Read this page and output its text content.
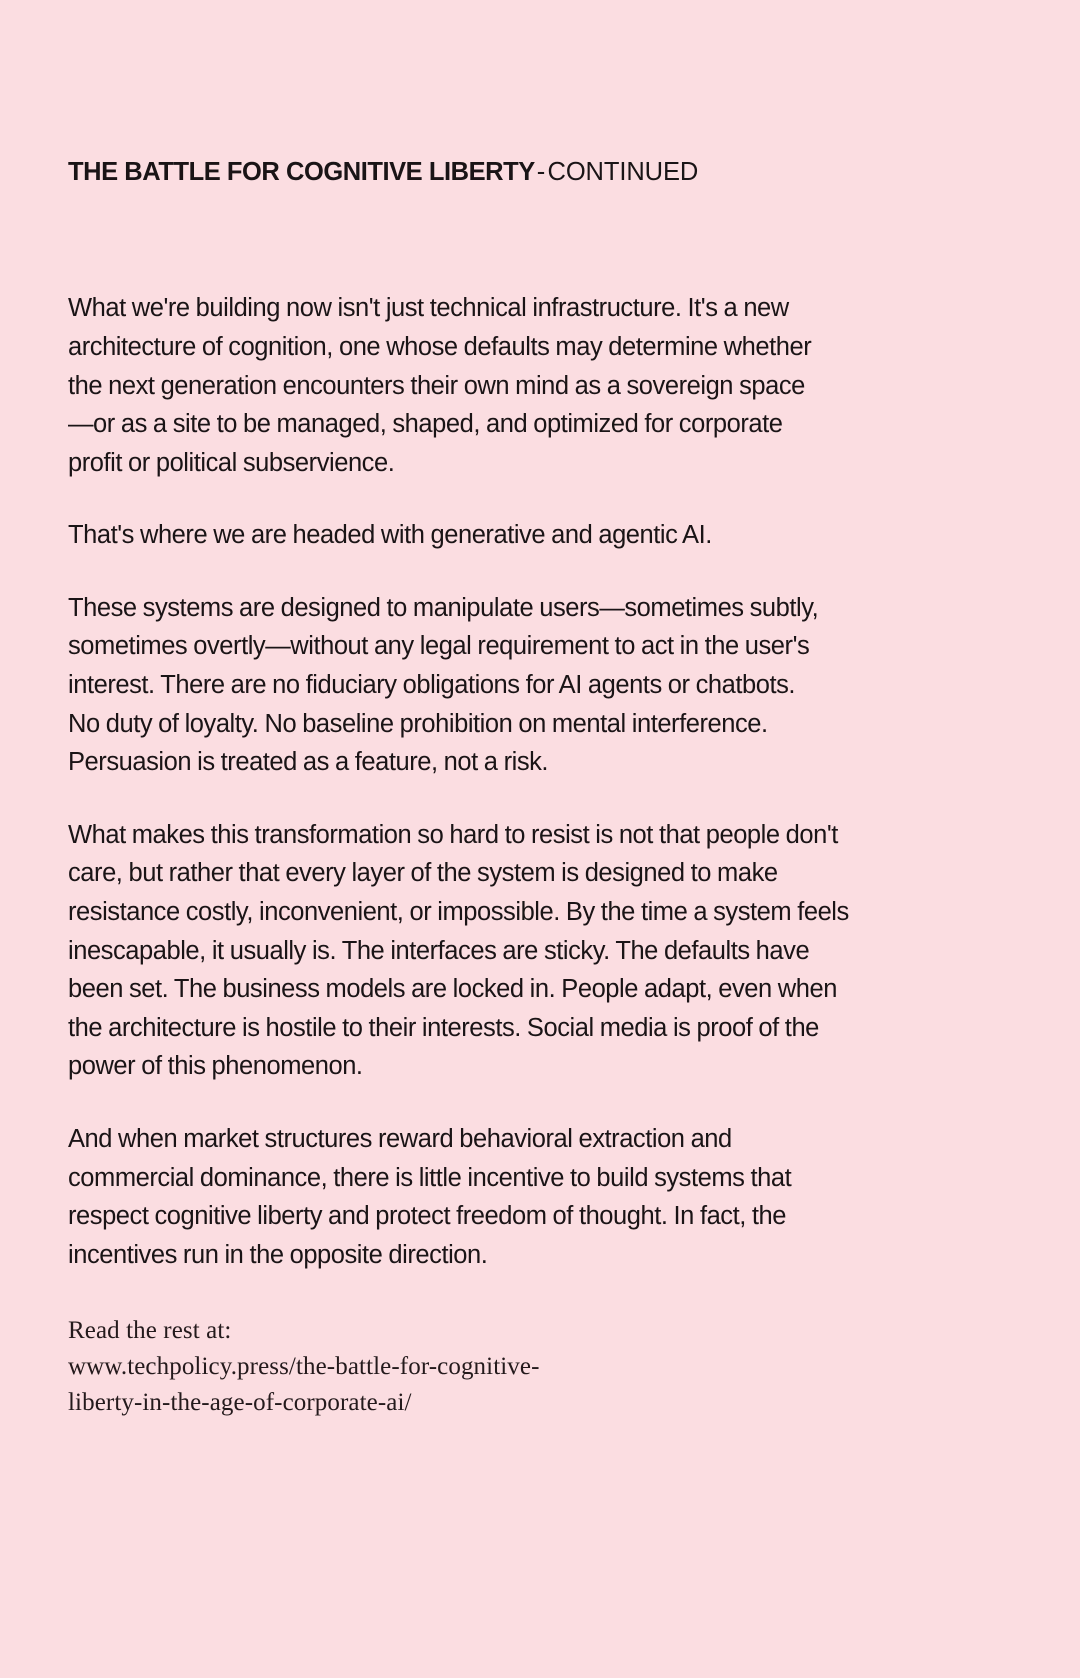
THE BATTLE FOR COGNITIVE LIBERTY-CONTINUED

What we're building now isn't just technical infrastructure. It's a new architecture of cognition, one whose defaults may determine whether the next generation encounters their own mind as a sovereign space—or as a site to be managed, shaped, and optimized for corporate profit or political subservience.

That's where we are headed with generative and agentic AI.

These systems are designed to manipulate users—sometimes subtly, sometimes overtly—without any legal requirement to act in the user's interest. There are no fiduciary obligations for AI agents or chatbots. No duty of loyalty. No baseline prohibition on mental interference. Persuasion is treated as a feature, not a risk.

What makes this transformation so hard to resist is not that people don't care, but rather that every layer of the system is designed to make resistance costly, inconvenient, or impossible. By the time a system feels inescapable, it usually is. The interfaces are sticky. The defaults have been set. The business models are locked in. People adapt, even when the architecture is hostile to their interests. Social media is proof of the power of this phenomenon.

And when market structures reward behavioral extraction and commercial dominance, there is little incentive to build systems that respect cognitive liberty and protect freedom of thought. In fact, the incentives run in the opposite direction.

Read the rest at:
www.techpolicy.press/the-battle-for-cognitive-
liberty-in-the-age-of-corporate-ai/
